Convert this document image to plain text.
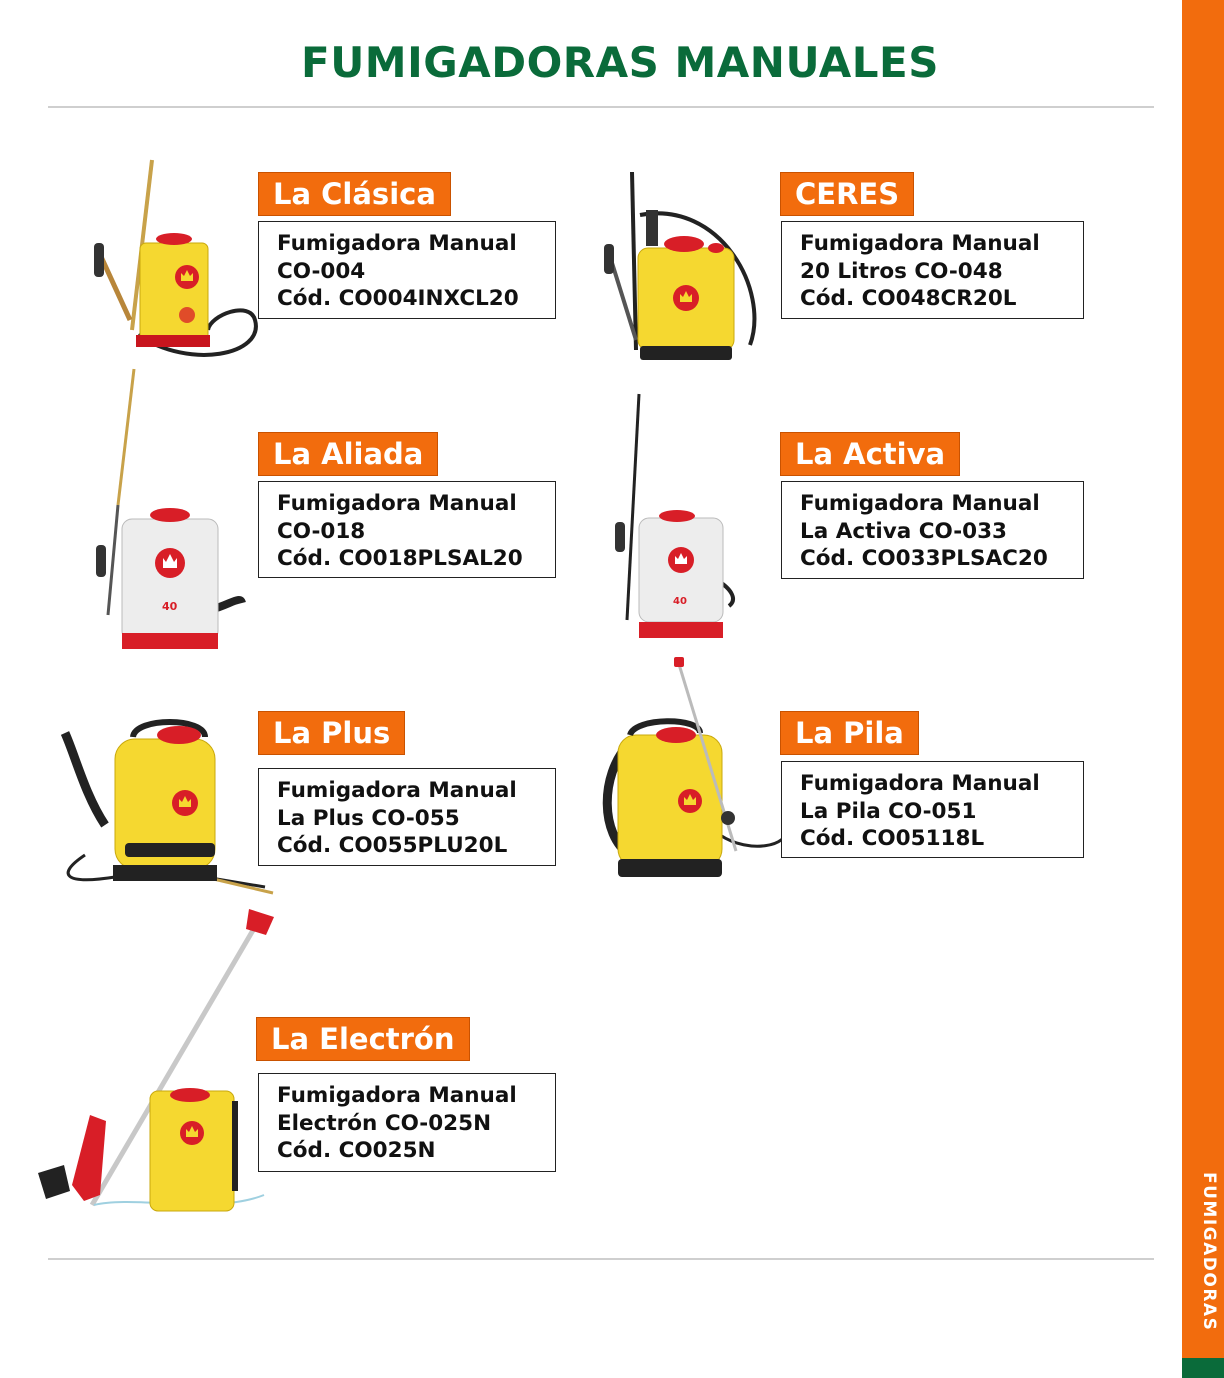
FUMIGADORAS MANUALES
FUMIGADORAS
La Clásica
Fumigadora Manual
CO-004
Cód. CO004INXCL20
CERES
Fumigadora Manual
20 Litros CO-048
Cód. CO048CR20L
40
La Aliada
Fumigadora Manual
CO-018
Cód. CO018PLSAL20
40
La Activa
Fumigadora Manual
La Activa CO-033
Cód. CO033PLSAC20
La Plus
Fumigadora Manual
La Plus CO-055
Cód. CO055PLU20L
La Pila
Fumigadora Manual
La Pila CO-051
Cód. CO05118L
La Electrón
Fumigadora Manual
Electrón CO-025N
Cód. CO025N
